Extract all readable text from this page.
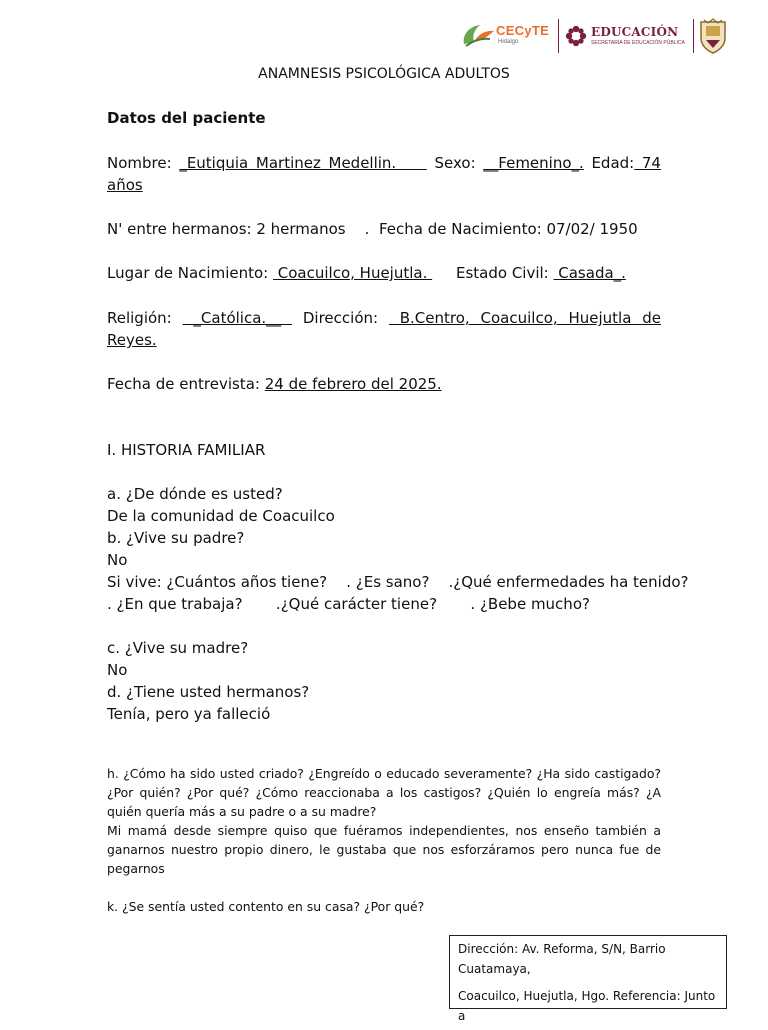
CECyTE
Hidalgo
EDUCACIÓN
SECRETARÍA DE EDUCACIÓN PÚBLICA
ANAMNESIS PSICOLÓGICA ADULTOS
Datos del paciente
Nombre: _Eutiquia Martinez Medellin.     Sexo: __Femenino_. Edad: 74
años
N' entre hermanos: 2 hermanos    .  Fecha de Nacimiento: 07/02/ 1950
Lugar de Nacimiento:  Coacuilco, Huejutla.      Estado Civil:  Casada_.
Religión:  _Católica.__  Dirección:  B.Centro, Coacuilco, Huejutla de
Reyes.
Fecha de entrevista: 24 de febrero del 2025.
I. HISTORIA FAMILIAR
a. ¿De dónde es usted?
De la comunidad de Coacuilco
b. ¿Vive su padre?
No
Si vive: ¿Cuántos años tiene?    . ¿Es sano?    .¿Qué enfermedades ha tenido?
. ¿En que trabaja?       .¿Qué carácter tiene?       . ¿Bebe mucho?
c. ¿Vive su madre?
No
d. ¿Tiene usted hermanos?
Tenía, pero ya falleció
h. ¿Cómo ha sido usted criado? ¿Engreído o educado severamente? ¿Ha sido castigado? ¿Por quién? ¿Por qué? ¿Cómo reaccionaba a los castigos? ¿Quién lo engreía más? ¿A quién quería más a su padre o a su madre?
Mi mamá desde siempre quiso que fuéramos independientes, nos enseño también a ganarnos nuestro propio dinero, le gustaba que nos esforzáramos pero nunca fue de pegarnos
k. ¿Se sentía usted contento en su casa? ¿Por qué?
Dirección: Av. Reforma, S/N, Barrio Cuatamaya,
Coacuilco, Huejutla, Hgo. Referencia: Junto a
